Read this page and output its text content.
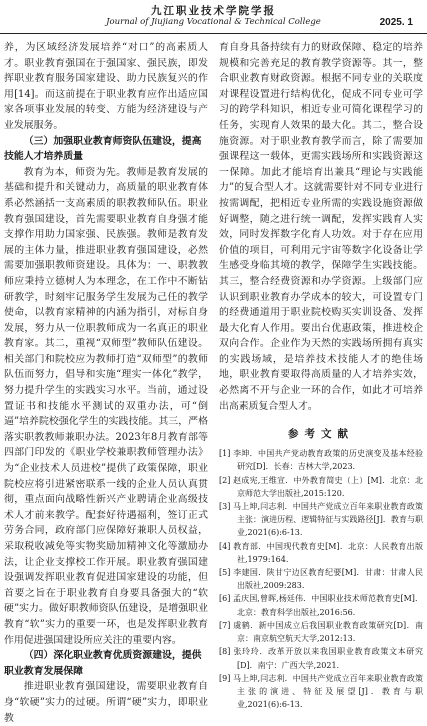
九江职业技术学院学报
Journal of Jiujiang Vocational & Technical College	2025. 1

养，为区域经济发展培养“对口”的高素质人才。职业教育强国在于强国家、强民族，即发挥职业教育服务国家建设、助力民族复兴的作用[14]。而这前提在于职业教育应作出适应国家各项事业发展的转变、方能为经济建设与产业发展服务。

（三）加强职业教育师资队伍建设，提高技能人才培养质量

教育为本，师资为先。教师是教育发展的基础和提升和关键动力，高质量的职业教育体系必然涵括一支高素质的职教教师队伍。职业教育强国建设，首先需要职业教育自身强才能支撑作用助力国家强、民族强。教师是教育发展的主体力量，推进职业教育强国建设，必然需要加强职教师资建设。具体为：一、职教教师应秉持立德树人为本理念，在工作中不断钻研教学，时刻牢记服务学生发展为己任的教学使命，以教育家精神的内涵为指引，对标自身发展，努力从一位职教师成为一名真正的职业教育家。其二，重视“双师型”教师队伍建设。相关部门和院校应为教师打造“双师型”的教师队伍而努力，倡导和实施“理实一体化”教学，努力提升学生的实践实习水平。当前，通过设置证书和技能水平测试的双重办法，可“倒逼”培养院校强化学生的实践技能。其三，严格落实职教教师兼职办法。2023年8月教育部等四部门印发的《职业学校兼职教师管理办法》为“企业技术人员进校”提供了政策保障，职业院校应将引进紧密联系一线的企业人员认真贯彻，重点面向战略性新兴产业聘请企业高级技术人才前来教学。配套好待遇福利，签订正式劳务合同，政府部门应保障好兼职人员权益，采取税收减免等实物奖励加精神文化等激励办法，让企业支撑校工作开展。职业教育强国建设强调发挥职业教育促进国家建设的功能，但首要之旨在于职业教育自身要具备强大的“软硬”实力。做好职教师资队伍建设，是增强职业教育“软”实力的重要一环，也是发挥职业教育作用促进强国建设所应关注的重要内容。

（四）深化职业教育优质资源建设，提供职业教育发展保障

推进职业教育强国建设，需要职业教育自身“软硬”实力的过硬。所谓“硬”实力，即职业教

育自身具备持续有力的财政保障、稳定的培养规模和完善充足的教育教学资源等。其一，整合职业教育财政资源。根据不同专业的关联度对课程设置进行结构优化，促成不同专业可学习的跨学科知识，相近专业可简化课程学习的任务，实现育人效果的最大化。其二，整合设施资源。对于职业教育教学而言，除了需要加强课程这一载体，更需实践场所和实践资源这一保障。加此才能培育出兼具“理论与实践能力”的复合型人才。这就需要针对不同专业进行按需调配，把相近专业所需的实践设施资源做好调整，随之进行统一调配，发挥实践育人实效，同时发挥数字化育人功效。对于存在应用价值的项目，可利用元宇宙等数字化设备让学生感受身临其境的教学，保障学生实践技能。其三，整合经费资源和办学资源。上级部门应认识到职业教育办学成本的较大，可设置专门的经费通道用于职业院校购买实训设备、发挥最大化育人作用。要出台优惠政策，推进校企双向合作。企业作为天然的实践场所拥有真实的实践场域，是培养技术技能人才的绝佳场地，职业教育要取得高质量的人才培养实效，必然离不开与企业一环的合作，如此才可培养出高素质复合型人才。

参考文献
[1] 李坤．中国共产党动教育政策的历史演变及基本经验研究[D]．长春：吉林大学,2023.
[2] 赵成宪,王维宣．中外教育简史（上）[M]．北京：北京师范大学出版社,2015:120.
[3] 马上坤,闫志利．中国共产党成立百年来职业教育政策主张：演进历程、逻辑特征与实践路径[J]．教育与职业,2021(6):6-13.
[4] 教育部．中国现代教育史[M]．北京：人民教育出版社,1979:164.
[5] 李建国．陕甘宁边区教育纪要[M]．甘肃：甘肃人民出版社,2009:283.
[6] 孟庆国,曾晖,杨廷伟．中国职业技术师范教育史[M]．北京：教育科学出版社,2016:56.
[7] 虞鹤．新中国成立后我国职业教育政策研究[D]．南京：南京航空航天大学,2012:13.
[8] 张玲玲．改革开放以来我国职业教育政策文本研究[D]．南宁：广西大学,2021.
[9] 马上坤,闫志利．中国共产党成立百年来职业教育政策主张的演进、特征及展望[J]．教育与职业,2021(6):6-13.
